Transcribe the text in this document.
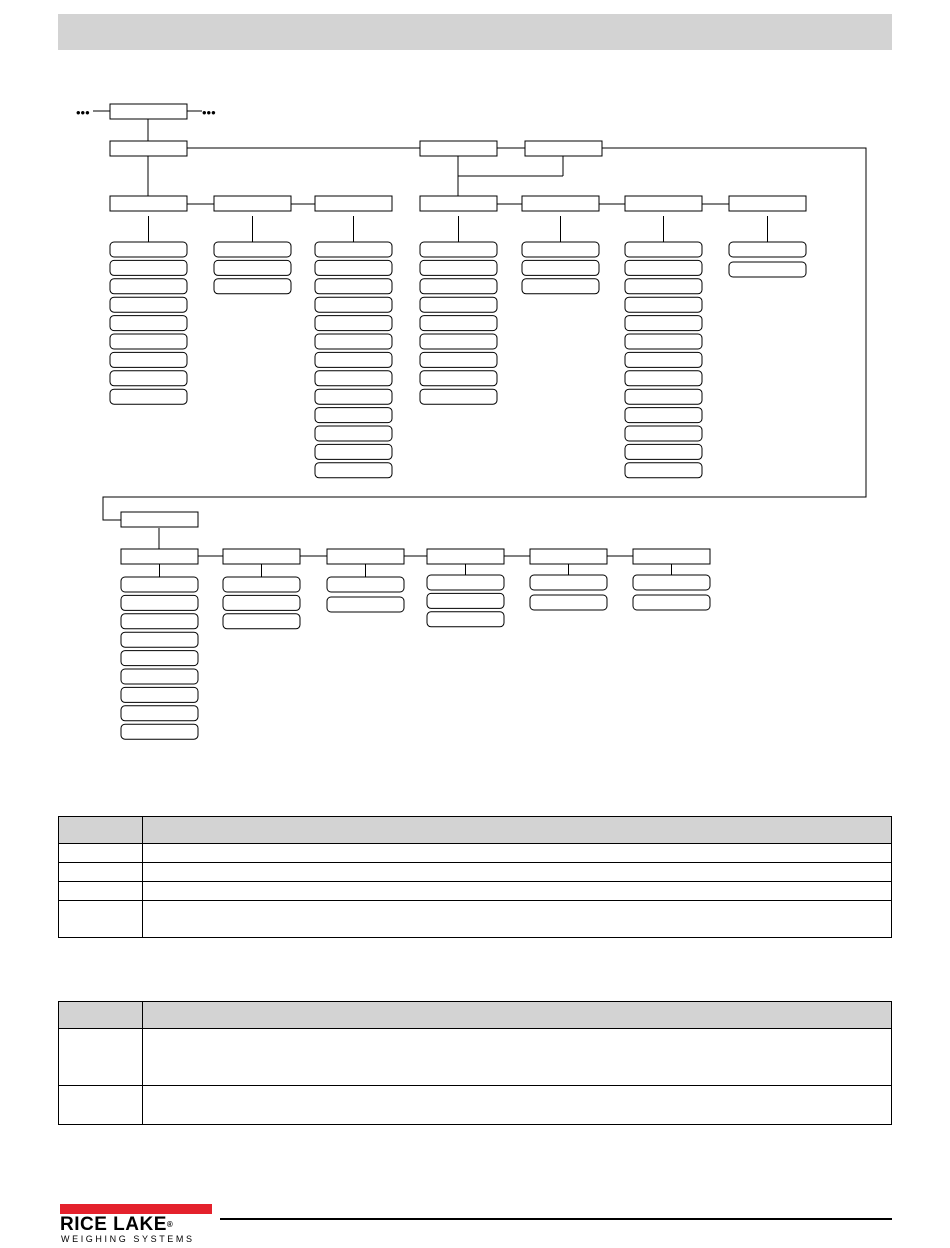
•••	•••

RICE LAKE®
WEIGHING SYSTEMS
